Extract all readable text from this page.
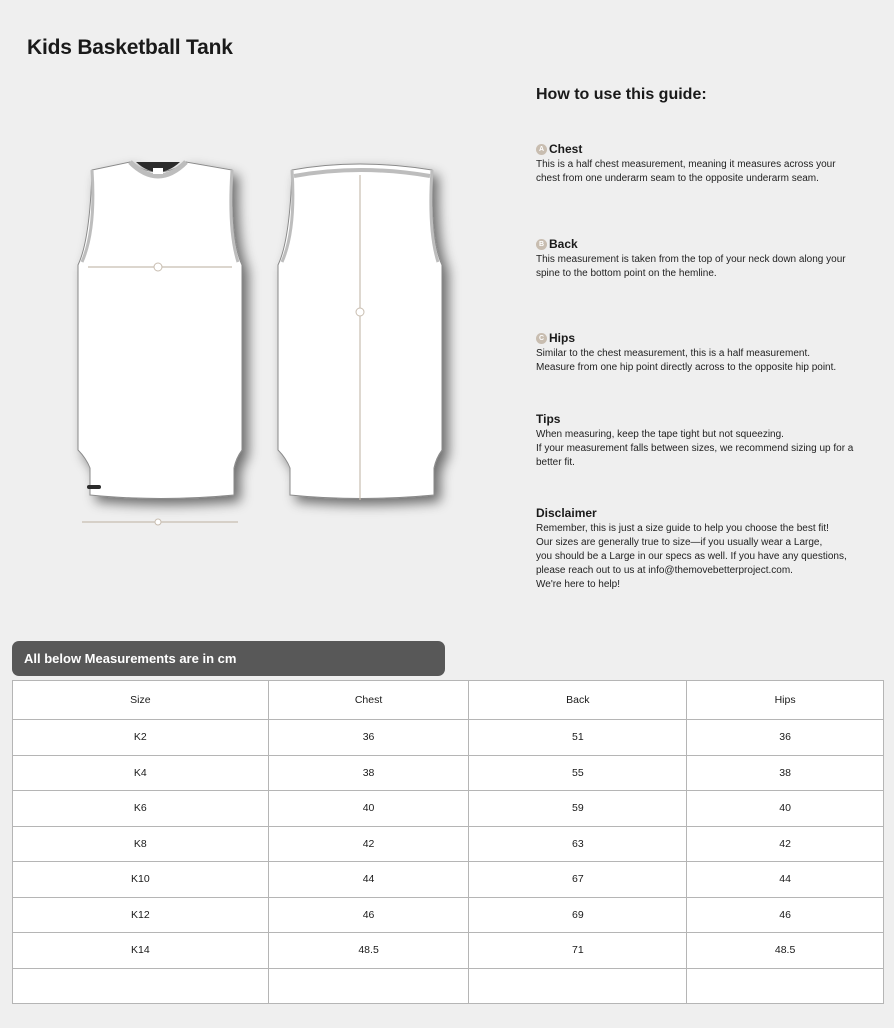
Kids Basketball Tank
How to use this guide:
A Chest

This is a half chest measurement, meaning it measures across your

chest from one underarm seam to the opposite underarm seam.

B Back

This measurement is taken from the top of your neck down along your

spine to the bottom point on the hemline.

C Hips

Similar to the chest measurement, this is a half measurement.

Measure from one hip point directly across to the opposite hip point.

Tips

When measuring, keep the tape tight but not squeezing.

If your measurement falls between sizes, we recommend sizing up for a

better fit.

Disclaimer

Remember, this is just a size guide to help you choose the best fit!

Our sizes are generally true to size—if you usually wear a Large,

you should be a Large in our specs as well. If you have any questions,

please reach out to us at info@themovebetterproject.com.

We're here to help!

All below Measurements are in cm
Size	Chest	Back	Hips
K2	36	51	36
K4	38	55	38
K6	40	59	40
K8	42	63	42
K10	44	67	44
K12	46	69	46
K14	48.5	71	48.5
